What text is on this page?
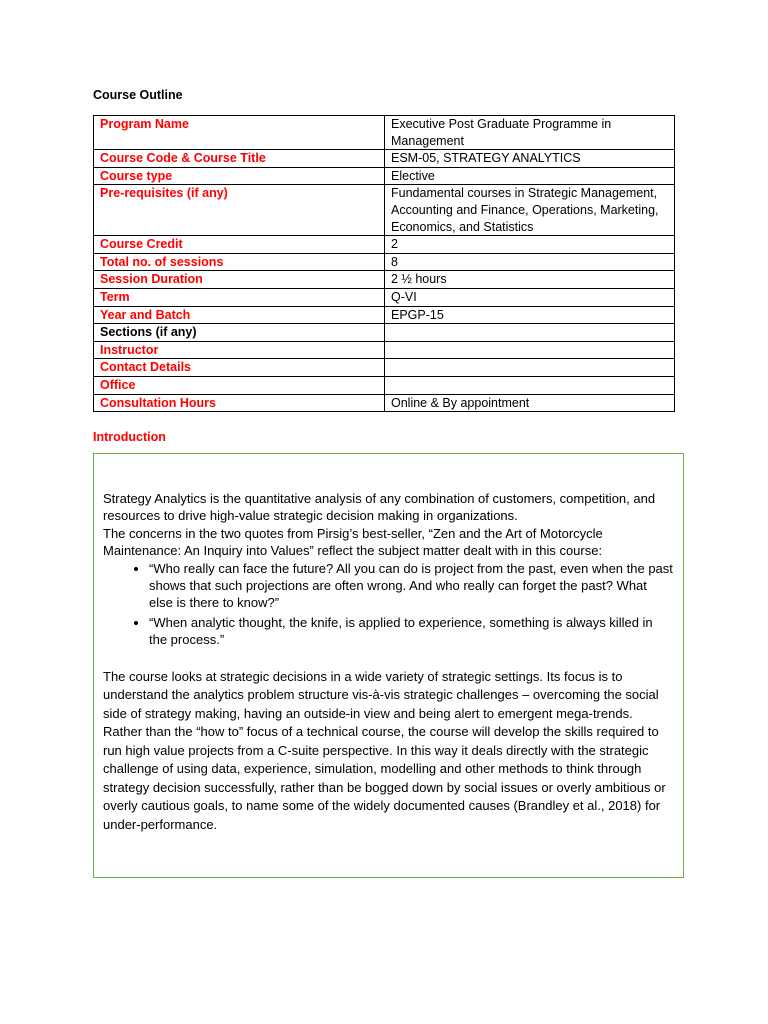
Course Outline
Program Name	Executive Post Graduate Programme in Management
Course Code & Course Title	ESM-05, STRATEGY ANALYTICS
Course type	Elective
Pre-requisites (if any)	Fundamental courses in Strategic Management, Accounting and Finance, Operations, Marketing, Economics, and Statistics
Course Credit	2
Total no. of sessions	8
Session Duration	2 ½ hours
Term	Q-VI
Year and Batch	EPGP-15
Sections (if any)	
Instructor	
Contact Details	
Office	
Consultation Hours	Online & By appointment
Introduction

Strategy Analytics is the quantitative analysis of any combination of customers, competition, and resources to drive high-value strategic decision making in organizations.

The concerns in the two quotes from Pirsig’s best-seller, “Zen and the Art of Motorcycle Maintenance: An Inquiry into Values” reflect the subject matter dealt with in this course:

• “Who really can face the future? All you can do is project from the past, even when the past shows that such projections are often wrong. And who really can forget the past? What else is there to know?”
• “When analytic thought, the knife, is applied to experience, something is always killed in the process.”

The course looks at strategic decisions in a wide variety of strategic settings. Its focus is to understand the analytics problem structure vis-à-vis strategic challenges – overcoming the social side of strategy making, having an outside-in view and being alert to emergent mega-trends. Rather than the “how to” focus of a technical course, the course will develop the skills required to run high value projects from a C-suite perspective. In this way it deals directly with the strategic challenge of using data, experience, simulation, modelling and other methods to think through strategy decision successfully, rather than be bogged down by social issues or overly ambitious or overly cautious goals, to name some of the widely documented causes (Brandley et al., 2018) for under-performance.
